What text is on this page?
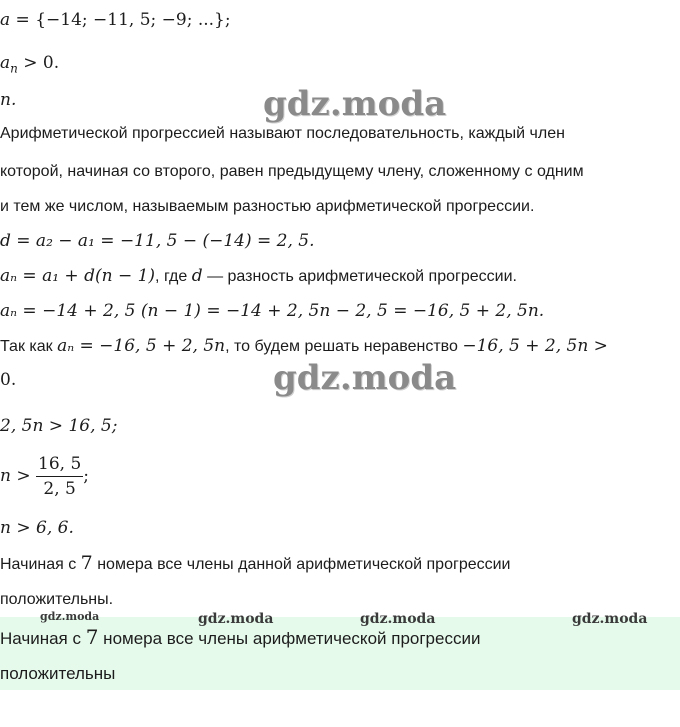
gdz.moda
gdz.moda
gdz.moda	gdz.moda	gdz.moda
gdz.moda
a = {−14; −11, 5; −9; ...};
$a_n > 0$.
n.
Арифметической прогрессией называют последовательность, каждый член
которой, начиная со второго, равен предыдущему члену, сложенному с одним
и тем же числом, называемым разностью арифметической прогрессии.
d = a₂ − a₁ = −11, 5 − (−14) = 2, 5.
aₙ = a₁ + d(n − 1), где d — разность арифметической прогрессии.
aₙ = −14 + 2, 5 (n − 1) = −14 + 2, 5n − 2, 5 = −16, 5 + 2, 5n.
Так как aₙ = −16, 5 + 2, 5n, то будем решать неравенство −16, 5 + 2, 5n >
0.
2, 5n > 16, 5;
$n > \frac{16, 5}{2, 5}$ ;
n > 6, 6.
Начиная с 7 номера все члены данной арифметической прогрессии
положительны.
Начиная с 7 номера все члены арифметической прогрессии
положительны
